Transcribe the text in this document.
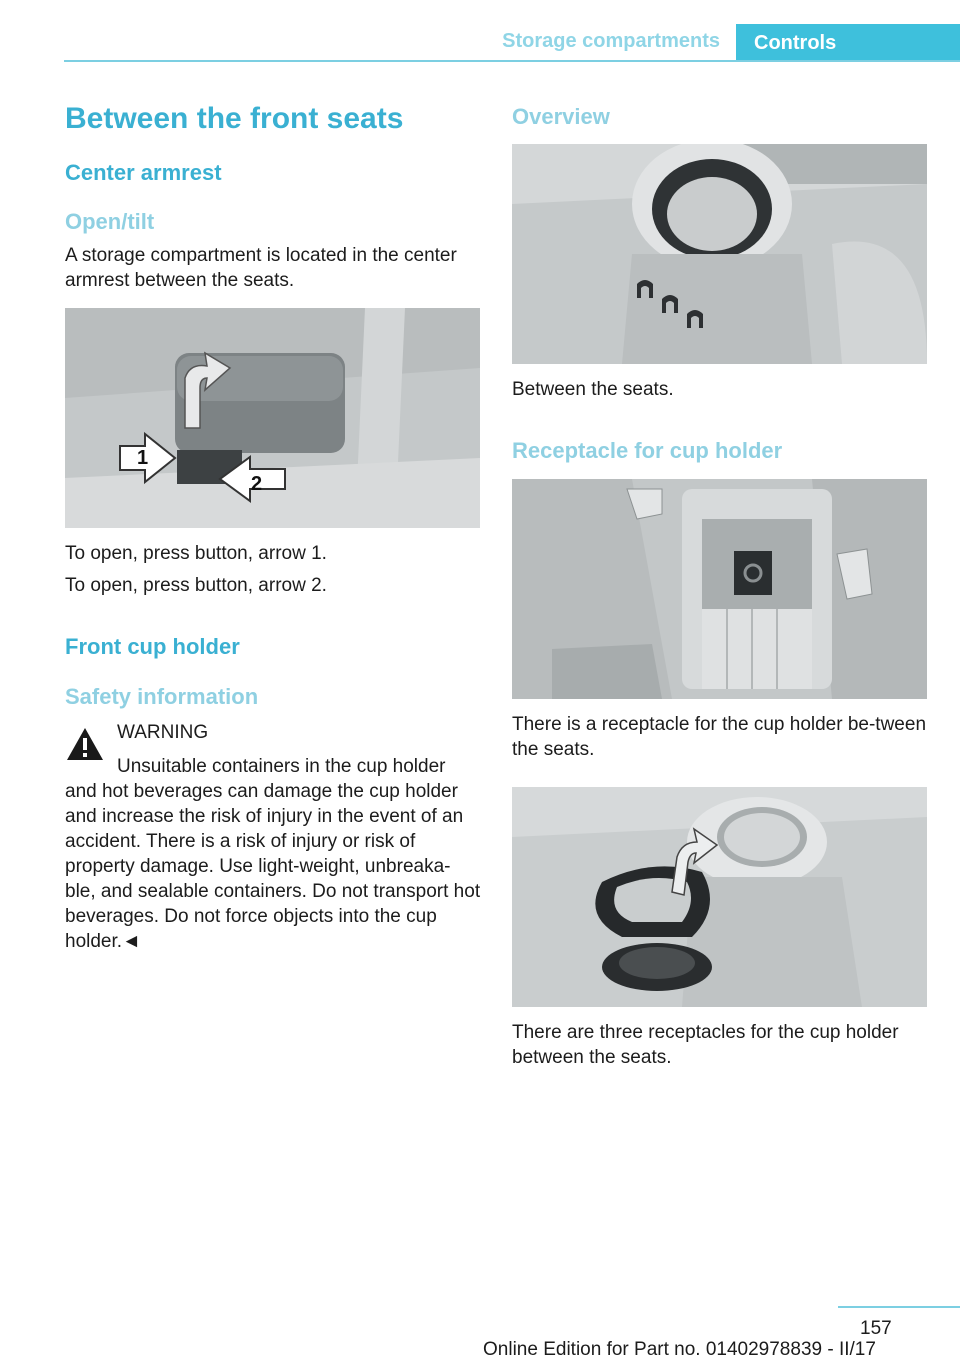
Storage compartments	Controls
Between the front seats
Center armrest
Open/tilt
A storage compartment is located in the center armrest between the seats.
1
2
To open, press button, arrow 1.
To open, press button, arrow 2.
Front cup holder
Safety information
WARNING
Unsuitable containers in the cup holder and hot beverages can damage the cup holder and increase the risk of injury in the event of an accident. There is a risk of injury or risk of property damage. Use light-weight, unbreaka-ble, and sealable containers. Do not transport hot beverages. Do not force objects into the cup holder.◄
Overview
Between the seats.
Receptacle for cup holder
There is a receptacle for the cup holder be-tween the seats.
There are three receptacles for the cup holder between the seats.
157
Online Edition for Part no. 01402978839 - II/17
